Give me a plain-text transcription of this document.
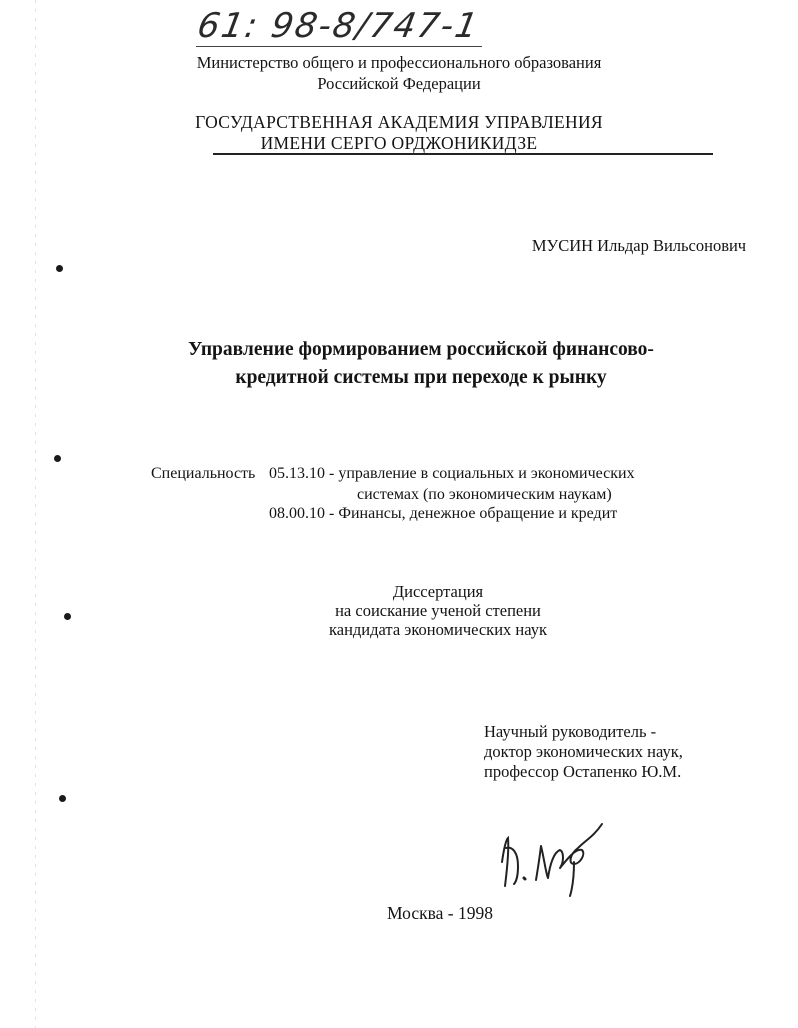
61: 98-8/747-1
Министерство общего и профессионального образования
Российской Федерации
ГОСУДАРСТВЕННАЯ АКАДЕМИЯ УПРАВЛЕНИЯ
ИМЕНИ СЕРГО ОРДЖОНИКИДЗЕ
МУСИН Ильдар Вильсонович
Управление формированием российской финансово-
кредитной системы при переходе к рынку
Специальность 05.13.10 - управление в социальных и экономических
системах (по экономическим наукам)
08.00.10 - Финансы, денежное обращение и кредит
Диссертация
на соискание ученой степени
кандидата экономических наук
Научный руководитель -
доктор экономических наук,
профессор Остапенко Ю.М.
Москва - 1998
